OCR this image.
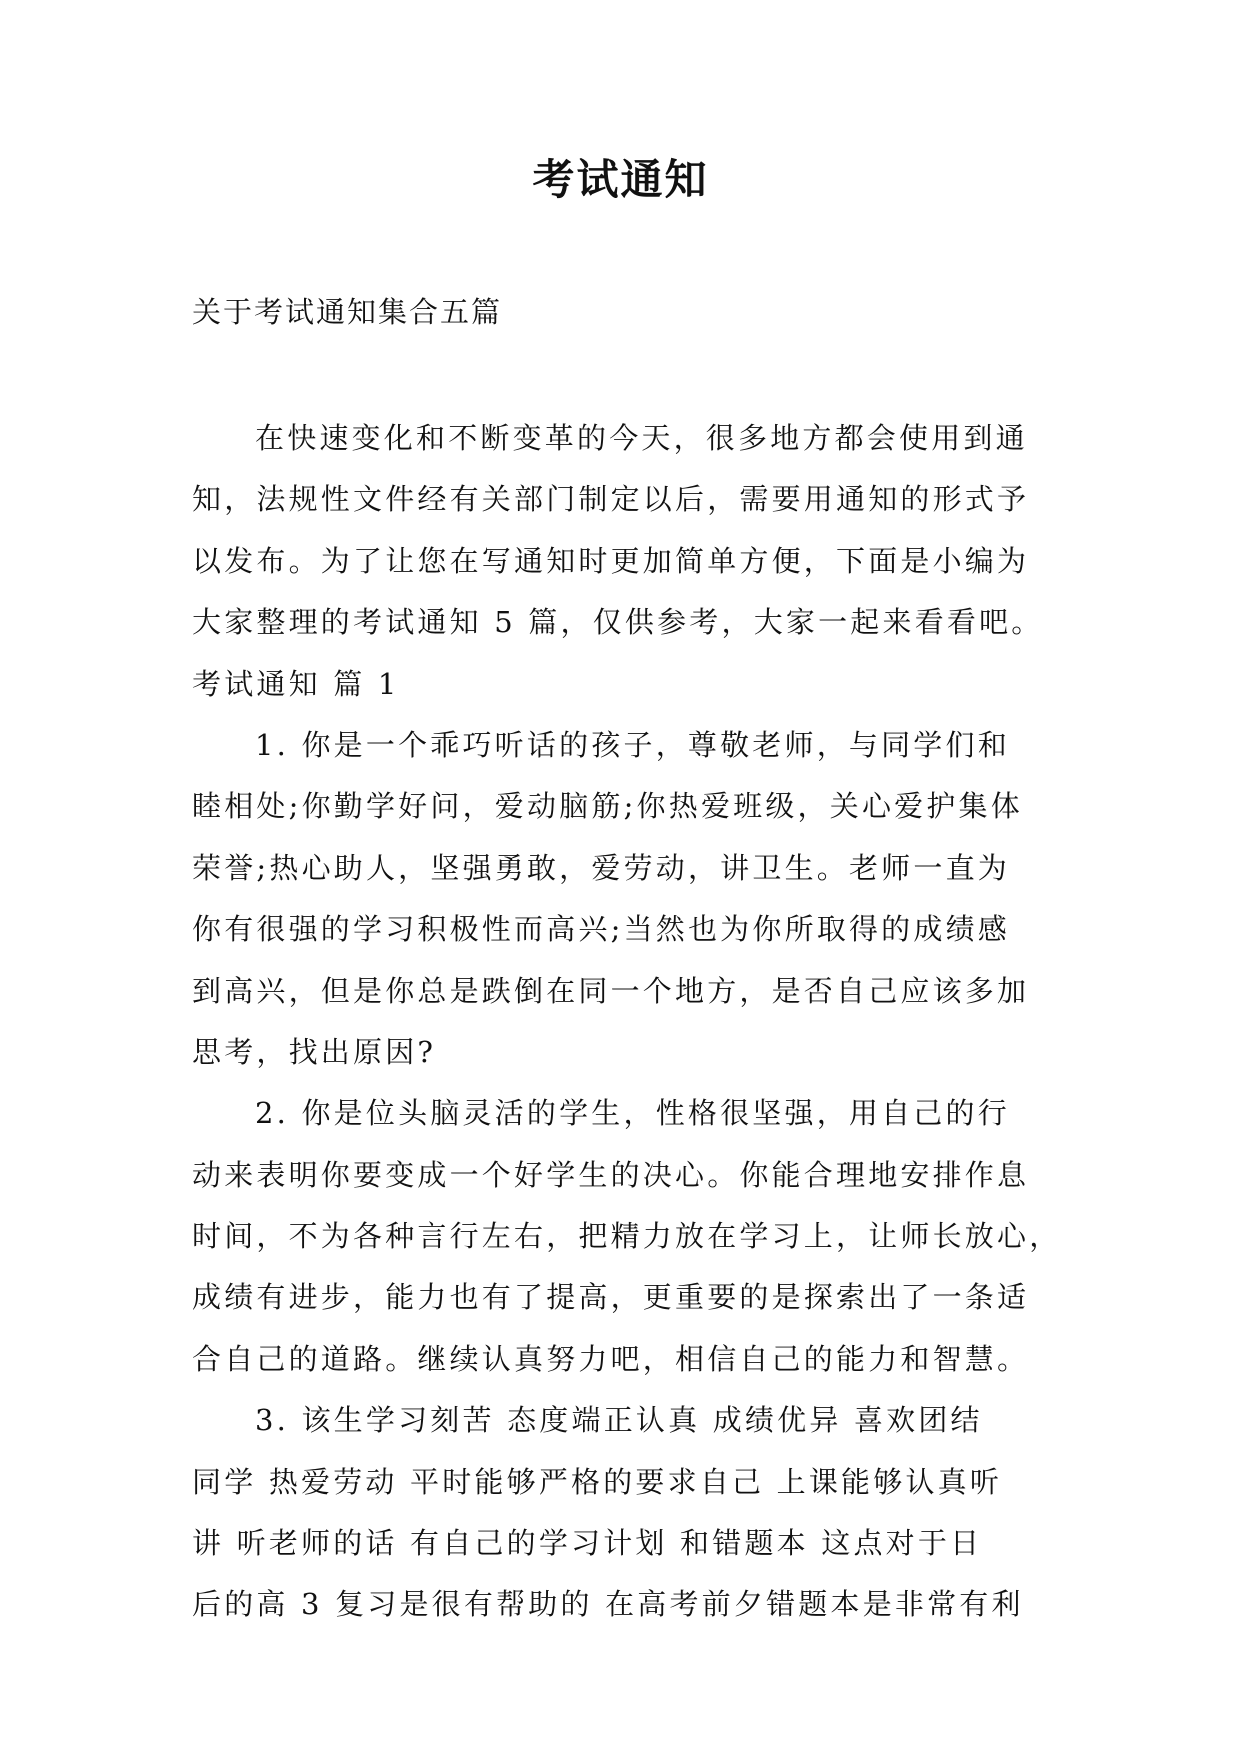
考试通知
关于考试通知集合五篇
在快速变化和不断变革的今天，很多地方都会使用到通
知，法规性文件经有关部门制定以后，需要用通知的形式予
以发布。为了让您在写通知时更加简单方便，下面是小编为
大家整理的考试通知 5 篇，仅供参考，大家一起来看看吧。
考试通知 篇 1
1. 你是一个乖巧听话的孩子，尊敬老师，与同学们和
睦相处;你勤学好问，爱动脑筋;你热爱班级，关心爱护集体
荣誉;热心助人，坚强勇敢，爱劳动，讲卫生。老师一直为
你有很强的学习积极性而高兴;当然也为你所取得的成绩感
到高兴，但是你总是跌倒在同一个地方，是否自己应该多加
思考，找出原因?
2. 你是位头脑灵活的学生，性格很坚强，用自己的行
动来表明你要变成一个好学生的决心。你能合理地安排作息
时间，不为各种言行左右，把精力放在学习上，让师长放心，
成绩有进步，能力也有了提高，更重要的是探索出了一条适
合自己的道路。继续认真努力吧，相信自己的能力和智慧。
3. 该生学习刻苦 态度端正认真 成绩优异 喜欢团结
同学 热爱劳动 平时能够严格的要求自己 上课能够认真听
讲 听老师的话 有自己的学习计划 和错题本 这点对于日
后的高 3 复习是很有帮助的 在高考前夕错题本是非常有利
